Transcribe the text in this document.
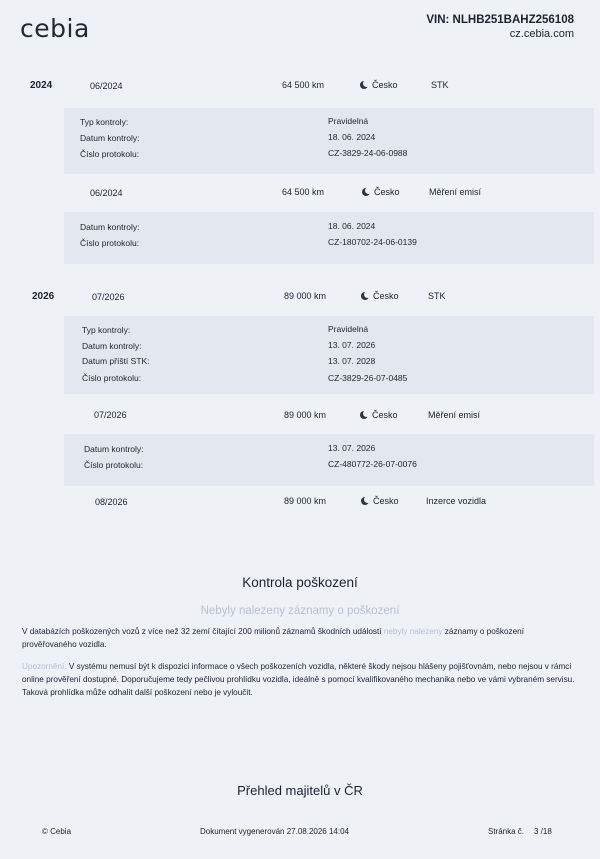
cebia	VIN: NLHB251BAHZ256108
cz.cebia.com
2024	06/2024	64 500 km	Česko	STK
Typ kontroly:	Pravidelná
Datum kontroly:	18. 06. 2024
Číslo protokolu:	CZ-3829-24-06-0988
06/2024	64 500 km	Česko	Měření emisí
Datum kontroly:	18. 06. 2024
Číslo protokolu:	CZ-180702-24-06-0139
2026	07/2026	89 000 km	Česko	STK
Typ kontroly:	Pravidelná
Datum kontroly:	13. 07. 2026
Datum příští STK:	13. 07. 2028
Číslo protokolu:	CZ-3829-26-07-0485
07/2026	89 000 km	Česko	Měření emisí
Datum kontroly:	13. 07. 2026
Číslo protokolu:	CZ-480772-26-07-0076
08/2026	89 000 km	Česko	Inzerce vozidla
Kontrola poškození
Nebyly nalezeny záznamy o poškození
V databázích poškozených vozů z více než 32 zemí čítající 200 milionů záznamů škodních událostí nebyly nalezeny záznamy o poškození prověřovaného vozidla.
Upozornění: V systému nemusí být k dispozici informace o všech poškozeních vozidla, některé škody nejsou hlášeny pojišťovnám, nebo nejsou v rámci online prověření dostupné. Doporučujeme tedy pečlivou prohlídku vozidla, ideálně s pomocí kvalifikovaného mechanika nebo ve vámi vybraném servisu. Taková prohlídka může odhalit další poškození nebo je vyloučit.
Přehled majitelů v ČR
© Cebia	Dokument vygenerován 27.08.2026 14:04	Stránka č. 3 /18
